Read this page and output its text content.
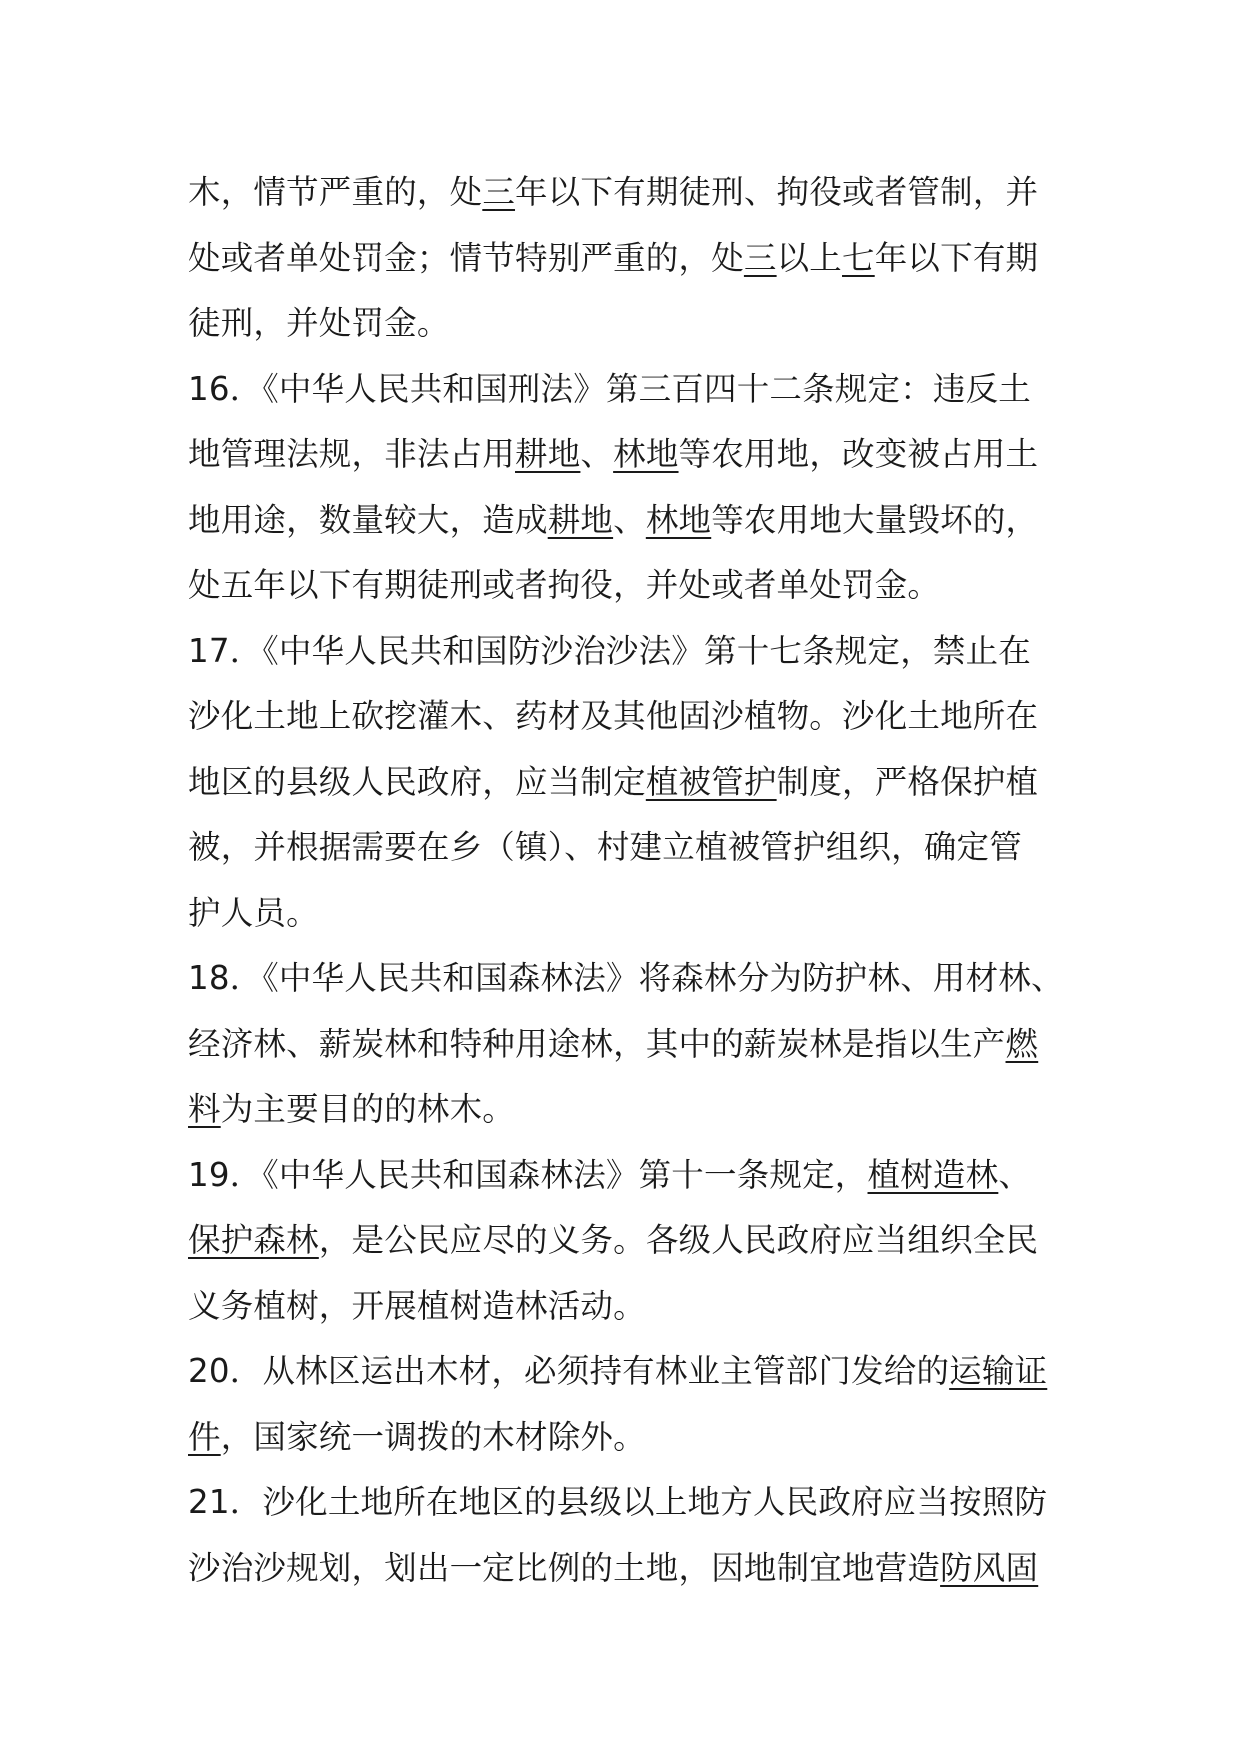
木，情节严重的，处三年以下有期徒刑、拘役或者管制，并
处或者单处罚金；情节特别严重的，处三以上七年以下有期
徒刑，并处罚金。
16．《中华人民共和国刑法》第三百四十二条规定：违反土
地管理法规，非法占用耕地、林地等农用地，改变被占用土
地用途，数量较大，造成耕地、林地等农用地大量毁坏的，
处五年以下有期徒刑或者拘役，并处或者单处罚金。
17．《中华人民共和国防沙治沙法》第十七条规定，禁止在
沙化土地上砍挖灌木、药材及其他固沙植物。沙化土地所在
地区的县级人民政府，应当制定植被管护制度，严格保护植
被，并根据需要在乡（镇）、村建立植被管护组织，确定管
护人员。
18．《中华人民共和国森林法》将森林分为防护林、用材林、
经济林、薪炭林和特种用途林，其中的薪炭林是指以生产燃
料为主要目的的林木。
19．《中华人民共和国森林法》第十一条规定，植树造林、
保护森林，是公民应尽的义务。各级人民政府应当组织全民
义务植树，开展植树造林活动。
20．从林区运出木材，必须持有林业主管部门发给的运输证
件，国家统一调拨的木材除外。
21．沙化土地所在地区的县级以上地方人民政府应当按照防
沙治沙规划，划出一定比例的土地，因地制宜地营造防风固
